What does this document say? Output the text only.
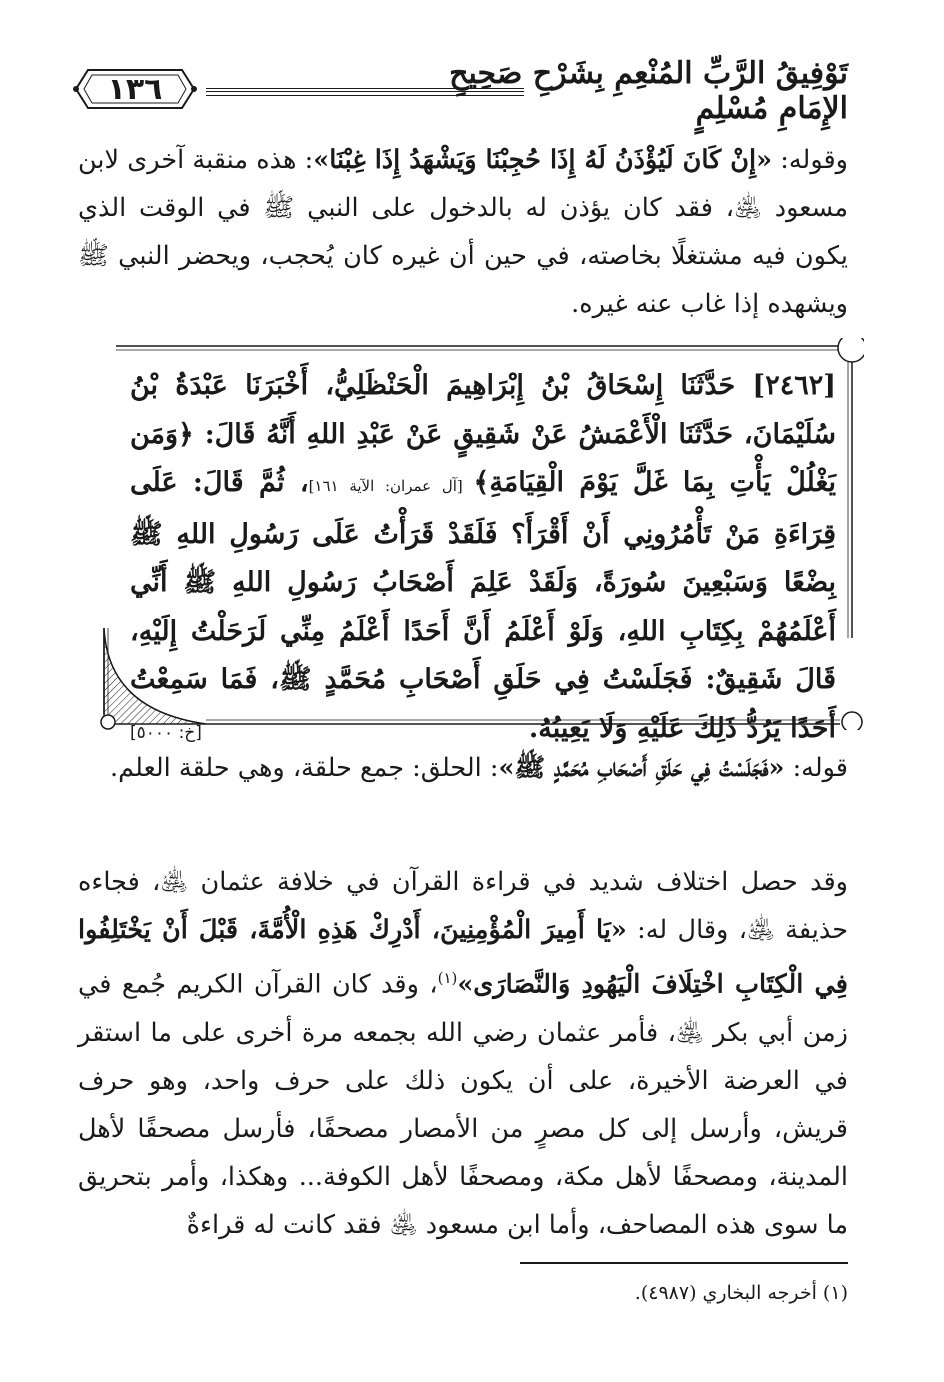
تَوْفِيقُ الرَّبِّ المُنْعِمِ بِشَرْحِ صَحِيحِ الإِمَامِ مُسْلِمٍ
١٣٦
وقوله: «إِنْ كَانَ لَيُؤْذَنُ لَهُ إِذَا حُجِبْنَا وَيَشْهَدُ إِذَا غِبْنَا»: هذه منقبة آخرى لابن مسعود ﵁، فقد كان يؤذن له بالدخول على النبي ﷺ في الوقت الذي يكون فيه مشتغلًا بخاصته، في حين أن غيره كان يُحجب، ويحضر النبي ﷺ ويشهده إذا غاب عنه غيره.
[٢٤٦٢] حَدَّثَنَا إِسْحَاقُ بْنُ إِبْرَاهِيمَ الْحَنْظَلِيُّ، أَخْبَرَنَا عَبْدَةُ بْنُ سُلَيْمَانَ، حَدَّثَنَا الْأَعْمَشُ عَنْ شَقِيقٍ عَنْ عَبْدِ اللهِ أَنَّهُ قَالَ: ﴿وَمَن يَغْلُلْ يَأْتِ بِمَا غَلَّ يَوْمَ الْقِيَامَةِ﴾ [آل عمران: الآية ١٦١]، ثُمَّ قَالَ: عَلَى قِرَاءَةِ مَنْ تَأْمُرُونِي أَنْ أَقْرَأَ؟ فَلَقَدْ قَرَأْتُ عَلَى رَسُولِ اللهِ ﷺ بِضْعًا وَسَبْعِينَ سُورَةً، وَلَقَدْ عَلِمَ أَصْحَابُ رَسُولِ اللهِ ﷺ أَنِّي أَعْلَمُهُمْ بِكِتَابِ اللهِ، وَلَوْ أَعْلَمُ أَنَّ أَحَدًا أَعْلَمُ مِنِّي لَرَحَلْتُ إِلَيْهِ، قَالَ شَقِيقٌ: فَجَلَسْتُ فِي حَلَقِ أَصْحَابِ مُحَمَّدٍ ﷺ، فَمَا سَمِعْتُ أَحَدًا يَرُدُّ ذَلِكَ عَلَيْهِ وَلَا يَعِيبُهُ.
[خ: ٥٠٠٠]
قوله: «فَجَلَسْتُ فِي حَلَقِ أَصْحَابِ مُحَمَّدٍ ﷺ»: الحلق: جمع حلقة، وهي حلقة العلم.
وقد حصل اختلاف شديد في قراءة القرآن في خلافة عثمان ﵁، فجاءه حذيفة ﵁، وقال له: «يَا أَمِيرَ الْمُؤْمِنِينَ، أَدْرِكْ هَذِهِ الْأُمَّةَ، قَبْلَ أَنْ يَخْتَلِفُوا فِي الْكِتَابِ اخْتِلَافَ الْيَهُودِ وَالنَّصَارَى»$^{(١)}$، وقد كان القرآن الكريم جُمع في زمن أبي بكر ﵁، فأمر عثمان رضي الله بجمعه مرة أخرى على ما استقر في العرضة الأخيرة، على أن يكون ذلك على حرف واحد، وهو حرف قريش، وأرسل إلى كل مصرٍ من الأمصار مصحفًا، فأرسل مصحفًا لأهل المدينة، ومصحفًا لأهل مكة، ومصحفًا لأهل الكوفة... وهكذا، وأمر بتحريق ما سوى هذه المصاحف، وأما ابن مسعود ﵁ فقد كانت له قراءةٌ
(١) أخرجه البخاري (٤٩٨٧).
